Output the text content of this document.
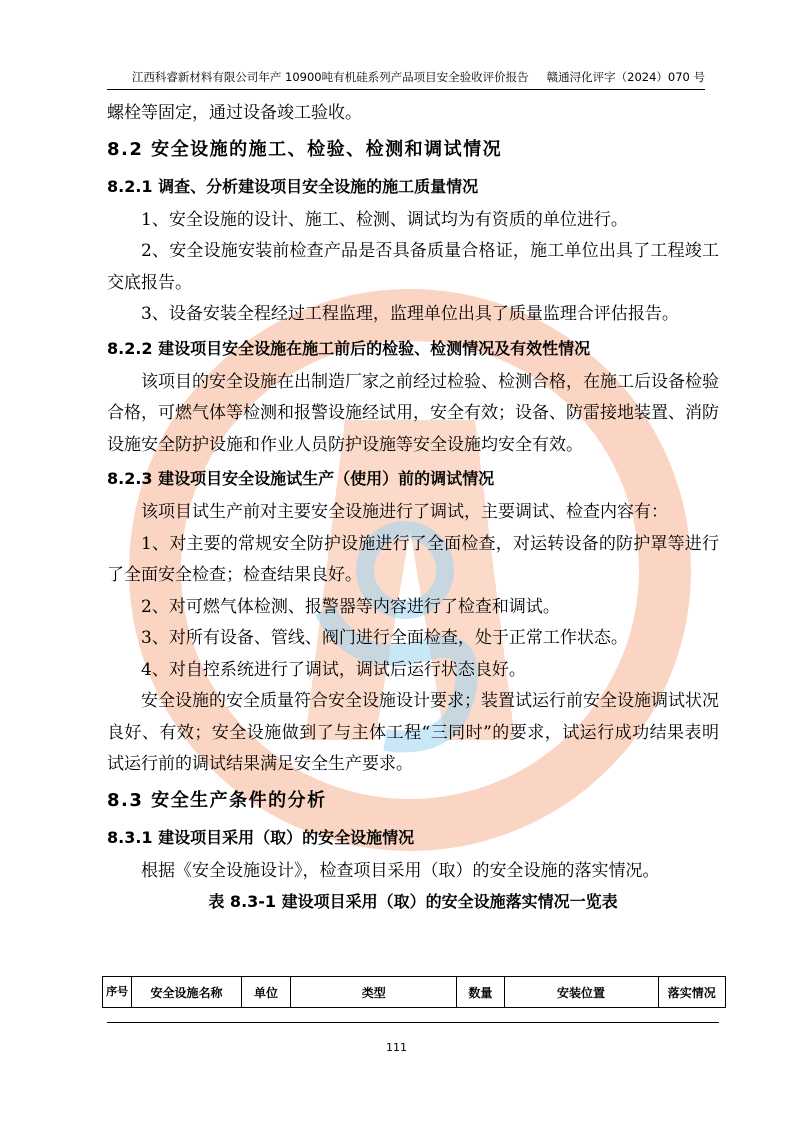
江西科睿新材料有限公司年产 10900吨有机硅系列产品项目安全验收评价报告 赣通浔化评字（2024）070 号

螺栓等固定，通过设备竣工验收。

8.2 安全设施的施工、检验、检测和调试情况
8.2.1 调查、分析建设项目安全设施的施工质量情况

1、安全设施的设计、施工、检测、调试均为有资质的单位进行。

2、安全设施安装前检查产品是否具备质量合格证，施工单位出具了工程竣工交底报告。

3、设备安装全程经过工程监理，监理单位出具了质量监理合评估报告。

8.2.2 建设项目安全设施在施工前后的检验、检测情况及有效性情况

该项目的安全设施在出制造厂家之前经过检验、检测合格，在施工后设备检验合格，可燃气体等检测和报警设施经试用，安全有效；设备、防雷接地装置、消防设施安全防护设施和作业人员防护设施等安全设施均安全有效。

8.2.3 建设项目安全设施试生产（使用）前的调试情况

该项目试生产前对主要安全设施进行了调试，主要调试、检查内容有：

1、对主要的常规安全防护设施进行了全面检查，对运转设备的防护罩等进行了全面安全检查；检查结果良好。

2、对可燃气体检测、报警器等内容进行了检查和调试。

3、对所有设备、管线、阀门进行全面检查，处于正常工作状态。

4、对自控系统进行了调试，调试后运行状态良好。

安全设施的安全质量符合安全设施设计要求；装置试运行前安全设施调试状况良好、有效；安全设施做到了与主体工程“三同时”的要求，试运行成功结果表明试运行前的调试结果满足安全生产要求。

8.3 安全生产条件的分析
8.3.1 建设项目采用（取）的安全设施情况

根据《安全设施设计》，检查项目采用（取）的安全设施的落实情况。

表 8.3-1 建设项目采用（取）的安全设施落实情况一览表
序号	安全设施名称	单位	类型	数量	安装位置	落实情况
111
